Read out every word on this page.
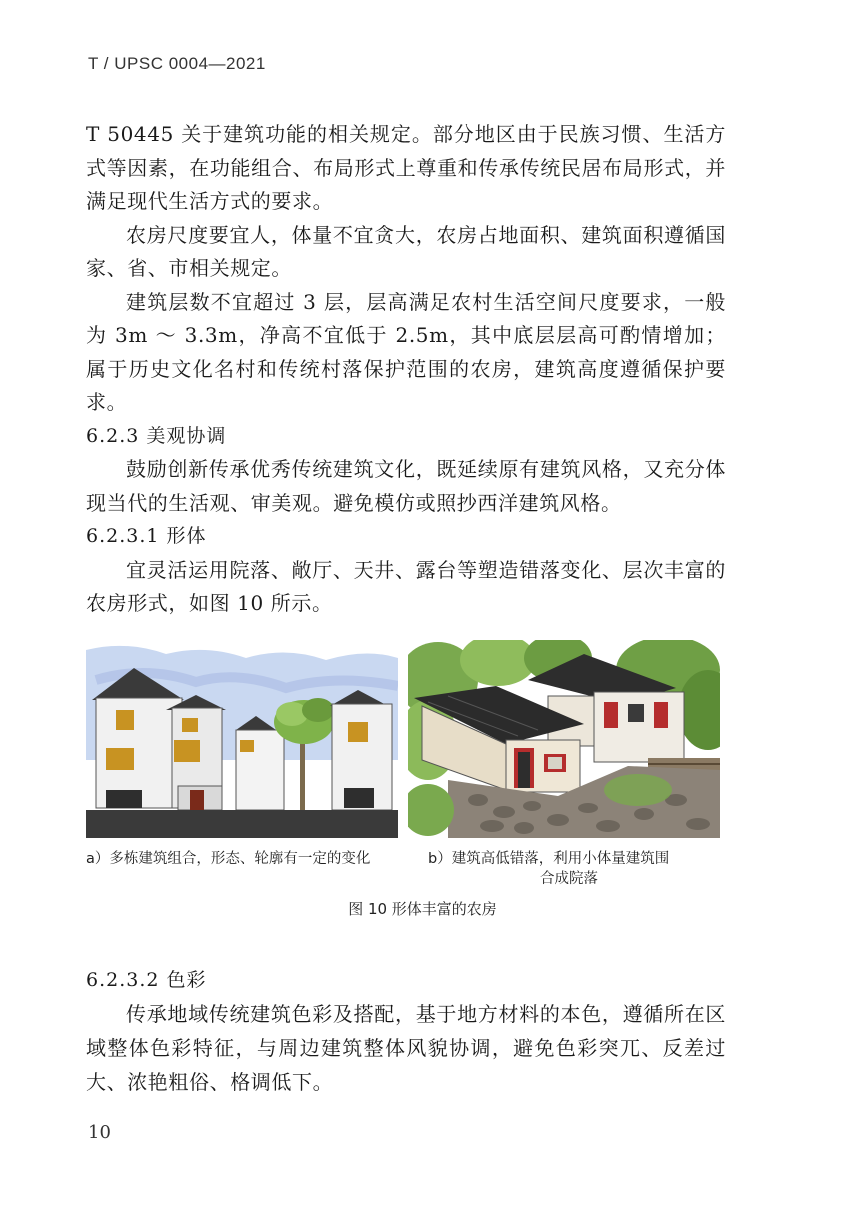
T / UPSC 0004—2021

T 50445 关于建筑功能的相关规定。部分地区由于民族习惯、生活方式等因素，在功能组合、布局形式上尊重和传承传统民居布局形式，并满足现代生活方式的要求。

农房尺度要宜人，体量不宜贪大，农房占地面积、建筑面积遵循国家、省、市相关规定。

建筑层数不宜超过 3 层，层高满足农村生活空间尺度要求，一般为 3m ～ 3.3m，净高不宜低于 2.5m，其中底层层高可酌情增加；属于历史文化名村和传统村落保护范围的农房，建筑高度遵循保护要求。

6.2.3 美观协调

鼓励创新传承优秀传统建筑文化，既延续原有建筑风格，又充分体现当代的生活观、审美观。避免模仿或照抄西洋建筑风格。

6.2.3.1 形体

宜灵活运用院落、敞厅、天井、露台等塑造错落变化、层次丰富的农房形式，如图 10 所示。

a）多栋建筑组合，形态、轮廓有一定的变化	b）建筑高低错落，利用小体量建筑围
合成院落
图 10 形体丰富的农房

6.2.3.2 色彩

传承地域传统建筑色彩及搭配，基于地方材料的本色，遵循所在区域整体色彩特征，与周边建筑整体风貌协调，避免色彩突兀、反差过大、浓艳粗俗、格调低下。

10
